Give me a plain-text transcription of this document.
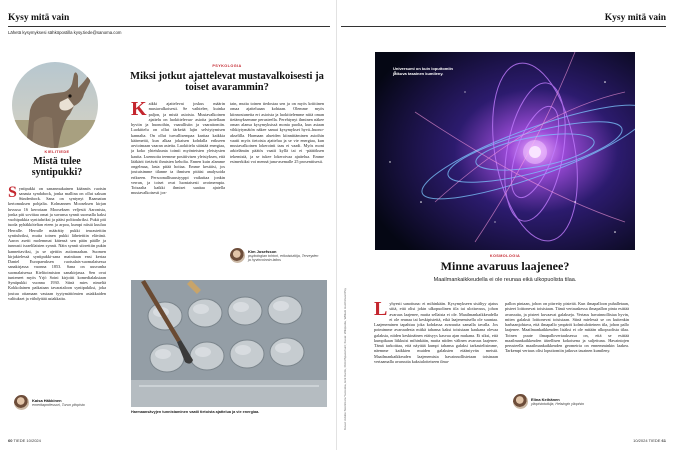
Kysy mitä vain
Lähetä kysymyksesi sähköpostilla kysy.tiede@sanoma.com
KIELITIEDE
Mistä tulee syntipukki?

Syntipukki on sananmukainen käännös ruotsin sanasta syndabock, jonka mallina on ollut saksan Sündenbock. Sana on syntynyt Raamatun kertomuksen pohjalta. Kolmannen Mooseksen kirjan luvussa 16 kerrotaan Mooseksen veljestä Aaronista, jonka piti sovittaa omat ja suvunsa synnit suomalla kaksi vuohipukkia syntiuhriksi ja pääsi polttouhriksi. Pukit piti tuoda pyhäkköteltan eteen ja arpoa, kumpi niistä kuuluu Herralle. Herralle määrätty pukki teurastettiin syntiuhriksi, mutta toinen pukki lähetettiin elävänä. Aaron asetti molemmat kätensä sen pään päälle ja tunnusti israelilaisten synnit. Näin synnit siirrettiin pukin kannettaviksi, ja se ajettiin autiomaahan. Suomen kirjakielessä syntipukki-sana mainitaan ensi kertaa Daniel Europaeuksen ruotsalais-suomalaisessa sanakirjassa vuonna 1853. Sana on uusvanha suomalaisessa Kielitoimiston sanakirjassa. Sen ovat tunteneet myös Yrjö Soini kirjoitti komedialaksiaan Syntipukki vuonna 1930. Siinä mies nimeltä Kokkolainen paikataan tavarataloon syntipukiksi, joka joutuu ottamaan vastaan tyytymättömien asiakkaiden valitukset ja viihdyttää asiakkaita.

Kaisa Häkkinen
emeritaprofessori, Turun yliopisto
PSYKOLOGIA
Miksi jotkut ajattelevat mustavalkoisesti ja toiset avarammin?

Kaikki ajattelevat joskus määrin mustavalkoisesti. Se vaihtelee, kuinka paljon, ja mistä asioista. Mustavalkoinen ajattelu on luokittelevaa- asioita jaotellaan hyviin ja huonoihin, vaarallisiin ja vaarattomiin. Luokittelu on ollut tärkeää lajin selviytymisen kannalta. On ollut turvallisempaa karttaa kaikkia käärmeitä, kun alkaa jokaisen kohdalla erikseen arvioimaan vaaran astetta. Luokittelu säästää energiaa, ja koko yhteiskunta toimii myönteisten yleistysten kautta. Luennoita teemme positiivisen yleistyksen, että lääkärit tietävät ihmisten keholta. Ennen kuin alamme ongelmaa, lasta pitää hoitaa. Emme kestäisi, jos joutuisimme tilanne ta ihmisen pitäisi analysoida erikseen. Persoonallisuustyyppi vaikuttaa jonkin verran, ja toiset ovat luontaisesti avoimempia. Toisaalta kaikki ihmiset saattaa ajatella mustavalkoisesti jos-

tain, mutta toinen tiedostaa sen ja on myös kriittinen omaa ajatteluaan kohtaan. Olemme myös kiinnostuneita eri asioista ja luokittelemme niitä oman tietämyksemme perusteella. Perehtynyt ihminen näkee oman alansa kysymyksissä monia puolia, kun asiaan vihkiytymätön näkee samat kysymykset hyvä–huono-akselilla. Harmaan alueiden kiinnittäminen asioihin vaatii myös tietoista ajattelua ja se vie energiaa, kun mustavalkoinen lokerointi taas ei vaadi. Myös moni arkielämän päätös vaatii kyllä tai ei -päätöksen tekemistä, ja se tukee lokeroivaa ajattelua. Emme esimerkiksi voi mennä juna-asemalle 25 prosenttisesti.

Kim Josefsson
psykologian tohtori, erikoistutkija, Terveyden ja hyvinvoinnin laitos
Harmaansävyjen tunnistaminen vaatii tietoista ajattelua ja vie energiaa.
60 TIEDE 10/2024
Kysy mitä vain
Universumi on kuin loputtomiin jatkuva tasainen kumileny.
Kuvat: Adobe Stock/Liza Yarovska, Erik Karits, Flickr/Spacehunt; Kuvat: Wikipedia, William Hutchinson/Psy
KOSMOLOGIA
Minne avaruus laajenee?
Maailmankaikkeudella ei ole reunaa eikä ulkopuolista tilaa.

Lyhyesti sanottuna: ei mihinkään. Kysymykseen sisältyy ajatus siitä, että olisi jokin ulkopuolinen tila tai ulottuvuus, johon avaruus laajenee, mutta sellaista ei ole. Maailmankaikkeudella ei ole reunaa tai keskipistettä, eikä laajenemisella ole suuntaa. Laajeneminen tapahtuu joka kohdassa avaruutta samalla tavalla. Jos poimimme avaruudesta mitkä tahansa kaksi toisistaan kaukana olevaa galaksia, niiden keskinäinen etäisyys kasvaa ajan mukana. Ei siksi, että kumpikaan liikkuisi mihinkään, mutta niiden välinen avaruus laajenee. Tämä tarkoittaa, että näyttää kumpi tahansa galaksi tarkastelisimme, näemme kaikkien muiden galaksien etääntyvän meistä. Maailmankaikkeuden laajenemista havainnollistetaan toisinaan vertaamalla avaruutta kaksiulotteiseen ilma-

pallon pintaan, johon on piirretty pisteitä. Kun ilmapalloon puhalletaan, pisteet loittonevat toisistaan. Tämä vertauskessa ilmapallon pinta esittää avaruutta, ja pisteet kuvaavat galakseja. Vertaus havainnollistaa hyvin, miten galaksit loittonevat toisistaan. Siinä mielessä se on kuitenkin harhaanjohtava, että ilmapallo ympäröi kolmiulotteinen tila, johon pallo laajenee. Maailmankaikkeuden lisäksi ei ole mitään ulkopuolista tilaa. Toinen puute ilmapallovertauksessa on, että se esittää maailmankaikkeuden äärellisen kokoisena ja suljettuna. Havaintojen perusteella maailmankaikkeuden geometria on ennemminkin laakea. Tarkempi vertaus olisi loputtomiin jatkuva tasainen kumileny.

Elina Keihänen
yliopistotutkija, Helsingin yliopisto
10/2024 TIEDE 61
